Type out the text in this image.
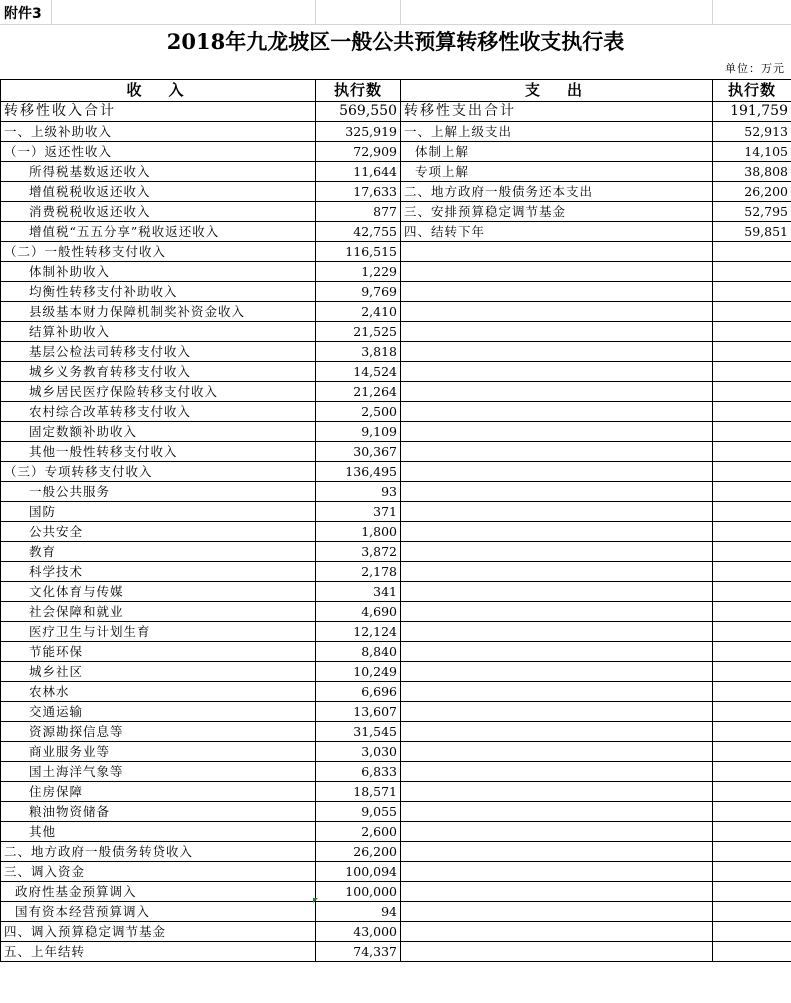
附件3
2018年九龙坡区一般公共预算转移性收支执行表
单位：万元
收　入	执行数	支　出	执行数
转移性收入合计	569,550	转移性支出合计	191,759
一、上级补助收入	325,919	一、上解上级支出	52,913
（一）返还性收入	72,909	体制上解	14,105
所得税基数返还收入	11,644	专项上解	38,808
增值税税收返还收入	17,633	二、地方政府一般债务还本支出	26,200
消费税税收返还收入	877	三、安排预算稳定调节基金	52,795
增值税“五五分享”税收返还收入	42,755	四、结转下年	59,851
（二）一般性转移支付收入	116,515		
体制补助收入	1,229		
均衡性转移支付补助收入	9,769		
县级基本财力保障机制奖补资金收入	2,410		
结算补助收入	21,525		
基层公检法司转移支付收入	3,818		
城乡义务教育转移支付收入	14,524		
城乡居民医疗保险转移支付收入	21,264		
农村综合改革转移支付收入	2,500		
固定数额补助收入	9,109		
其他一般性转移支付收入	30,367		
（三）专项转移支付收入	136,495		
一般公共服务	93		
国防	371		
公共安全	1,800		
教育	3,872		
科学技术	2,178		
文化体育与传媒	341		
社会保障和就业	4,690		
医疗卫生与计划生育	12,124		
节能环保	8,840		
城乡社区	10,249		
农林水	6,696		
交通运输	13,607		
资源勘探信息等	31,545		
商业服务业等	3,030		
国土海洋气象等	6,833		
住房保障	18,571		
粮油物资储备	9,055		
其他	2,600		
二、地方政府一般债务转贷收入	26,200		
三、调入资金	100,094		
政府性基金预算调入	100,000		
国有资本经营预算调入	94		
四、调入预算稳定调节基金	43,000		
五、上年结转	74,337		
